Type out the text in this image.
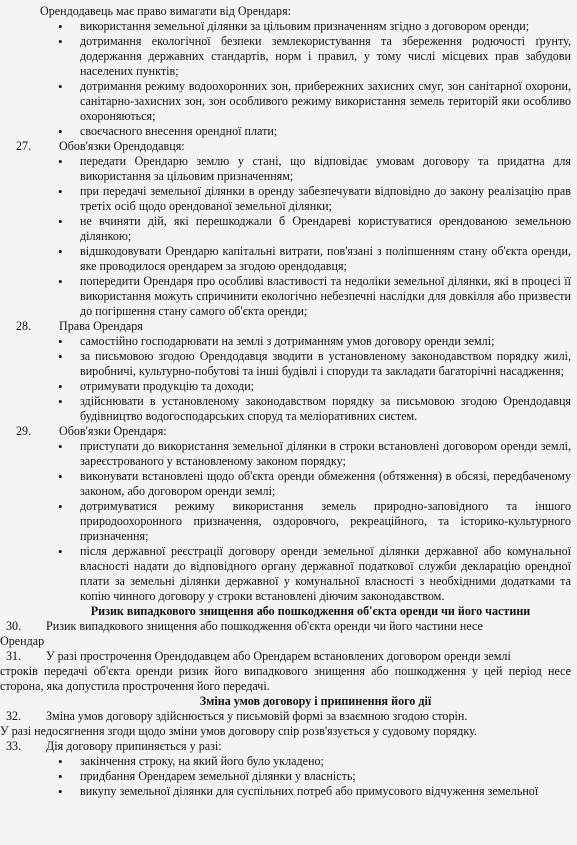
Орендодавець має право вимагати від Орендаря:

• використання земельної ділянки за цільовим призначенням згідно з договором оренди;
• дотримання екологічної безпеки землекористування та збереження родючості ґрунту, додержання державних стандартів, норм і правил, у тому числі місцевих прав забудови населених пунктів;
• дотримання режиму водоохоронних зон, прибережних захисних смуг, зон санітарної охорони, санітарно-захисних зон, зон особливого режиму використання земель територій яки особливо охороняються;
• своєчасного внесення орендної плати;
27.	Обов'язки Орендодавця:
• передати Орендарю землю у стані, що відповідає умовам договору та придатна для використання за цільовим призначенням;
• при передачі земельної ділянки в оренду забезпечувати відповідно до закону реалізацію прав третіх осіб щодо орендованої земельної ділянки;
• не вчиняти дій, які перешкоджали б Орендареві користуватися орендованою земельною ділянкою;
• відшкодовувати Орендарю капітальні витрати, пов'язані з поліпшенням стану об'єкта оренди, яке проводилося орендарем за згодою орендодавця;
• попередити Орендаря про особливі властивості та недоліки земельної ділянки, які в процесі її використання можуть спричинити екологічно небезпечні наслідки для довкілля або призвести до погіршення стану самого об'єкта оренди;
28.	Права Орендаря
• самостійно господарювати на землі з дотриманням умов договору оренди землі;
• за письмовою згодою Орендодавця зводити в установленому законодавством порядку жилі, виробничі, культурно-побутові та інші будівлі і споруди та закладати багаторічні насадження;
• отримувати продукцію та доходи;
• здійснювати в установленому законодавством порядку за письмовою згодою Орендодавця будівництво водогосподарських споруд та меліоративних систем.
29.	Обов'язки Орендаря:
• приступати до використання земельної ділянки в строки встановлені договором оренди землі, зареєстрованого у встановленому законом порядку;
• виконувати встановлені щодо об'єкта оренди обмеження (обтяження) в обсязі, передбаченому законом, або договором оренди землі;
• дотримуватися режиму використання земель природно-заповідного та іншого природоохоронного призначення, оздоровчого, рекреаційного, та історико-культурного призначення;
• після державної реєстрації договору оренди земельної ділянки державної або комунальної власності надати до відповідного органу державної податкової служби декларацію орендної плати за земельні ділянки державної у комунальної власності з необхідними додатками та копію чинного договору у строки встановлені діючим законодавством.

Ризик випадкового знищення або пошкодження об'єкта оренди чи його частини

30.	Ризик випадкового знищення або пошкодження об'єкта оренди чи його частини несе

Орендар

31.	У разі прострочення Орендодавцем або Орендарем встановлених договором оренди землі

строків передачі об'єкта оренди ризик його випадкового знищення або пошкодження у цей період несе сторона, яка допустила прострочення його передачі.

Зміна умов договору і припинення його дії

32.	Зміна умов договору здійснюється у письмовій формі за взаємною згодою сторін.

У разі недосягнення згоди щодо зміни умов договору спір розв'язується у судовому порядку.

33.	Дія договору припиняється у разі:
• закінчення строку, на який його було укладено;
• придбання Орендарем земельної ділянки у власність;
• викупу земельної ділянки для суспільних потреб або примусового відчуження земельної
